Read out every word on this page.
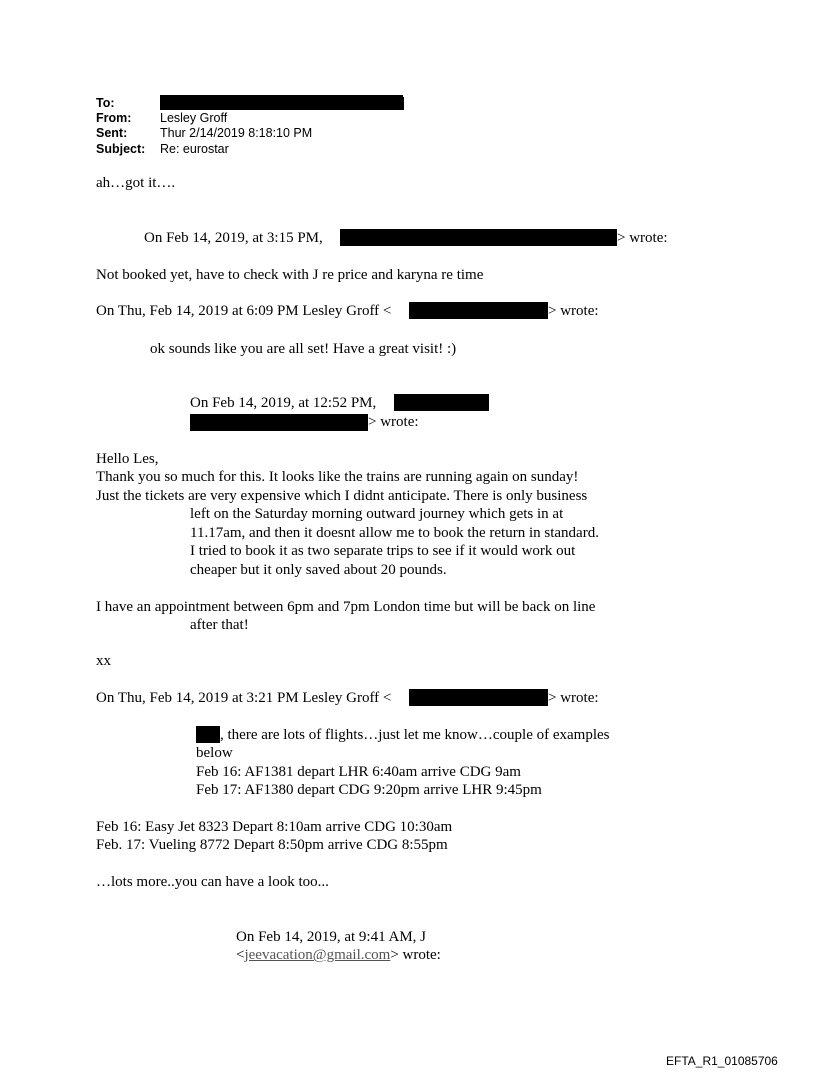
To:
From: Lesley Groff
Sent:	Thur 2/14/2019 8:18:10 PM
Subject: Re: eurostar
ah…got it….
On Feb 14, 2019, at 3:15 PM,	> wrote:
Not booked yet, have to check with J re price and karyna re time
On Thu, Feb 14, 2019 at 6:09 PM Lesley Groff <	> wrote:
ok sounds like you are all set! Have a great visit! :)
On Feb 14, 2019, at 12:52 PM,
> wrote:
Hello Les,
Thank you so much for this. It looks like the trains are running again on sunday!
Just the tickets are very expensive which I didnt anticipate. There is only business
left on the Saturday morning outward journey which gets in at
11.17am, and then it doesnt allow me to book the return in standard.
I tried to book it as two separate trips to see if it would work out
cheaper but it only saved about 20 pounds.
I have an appointment between 6pm and 7pm London time but will be back on line
after that!
xx
On Thu, Feb 14, 2019 at 3:21 PM Lesley Groff <	> wrote:
, there are lots of flights…just let me know…couple of examples
below
Feb 16: AF1381 depart LHR 6:40am arrive CDG 9am
Feb 17: AF1380 depart CDG 9:20pm arrive LHR 9:45pm
Feb 16: Easy Jet 8323 Depart 8:10am arrive CDG 10:30am
Feb. 17: Vueling 8772 Depart 8:50pm arrive CDG 8:55pm
…lots more..you can have a look too...
On Feb 14, 2019, at 9:41 AM, J
<jeevacation@gmail.com> wrote:
EFTA_R1_01085706
